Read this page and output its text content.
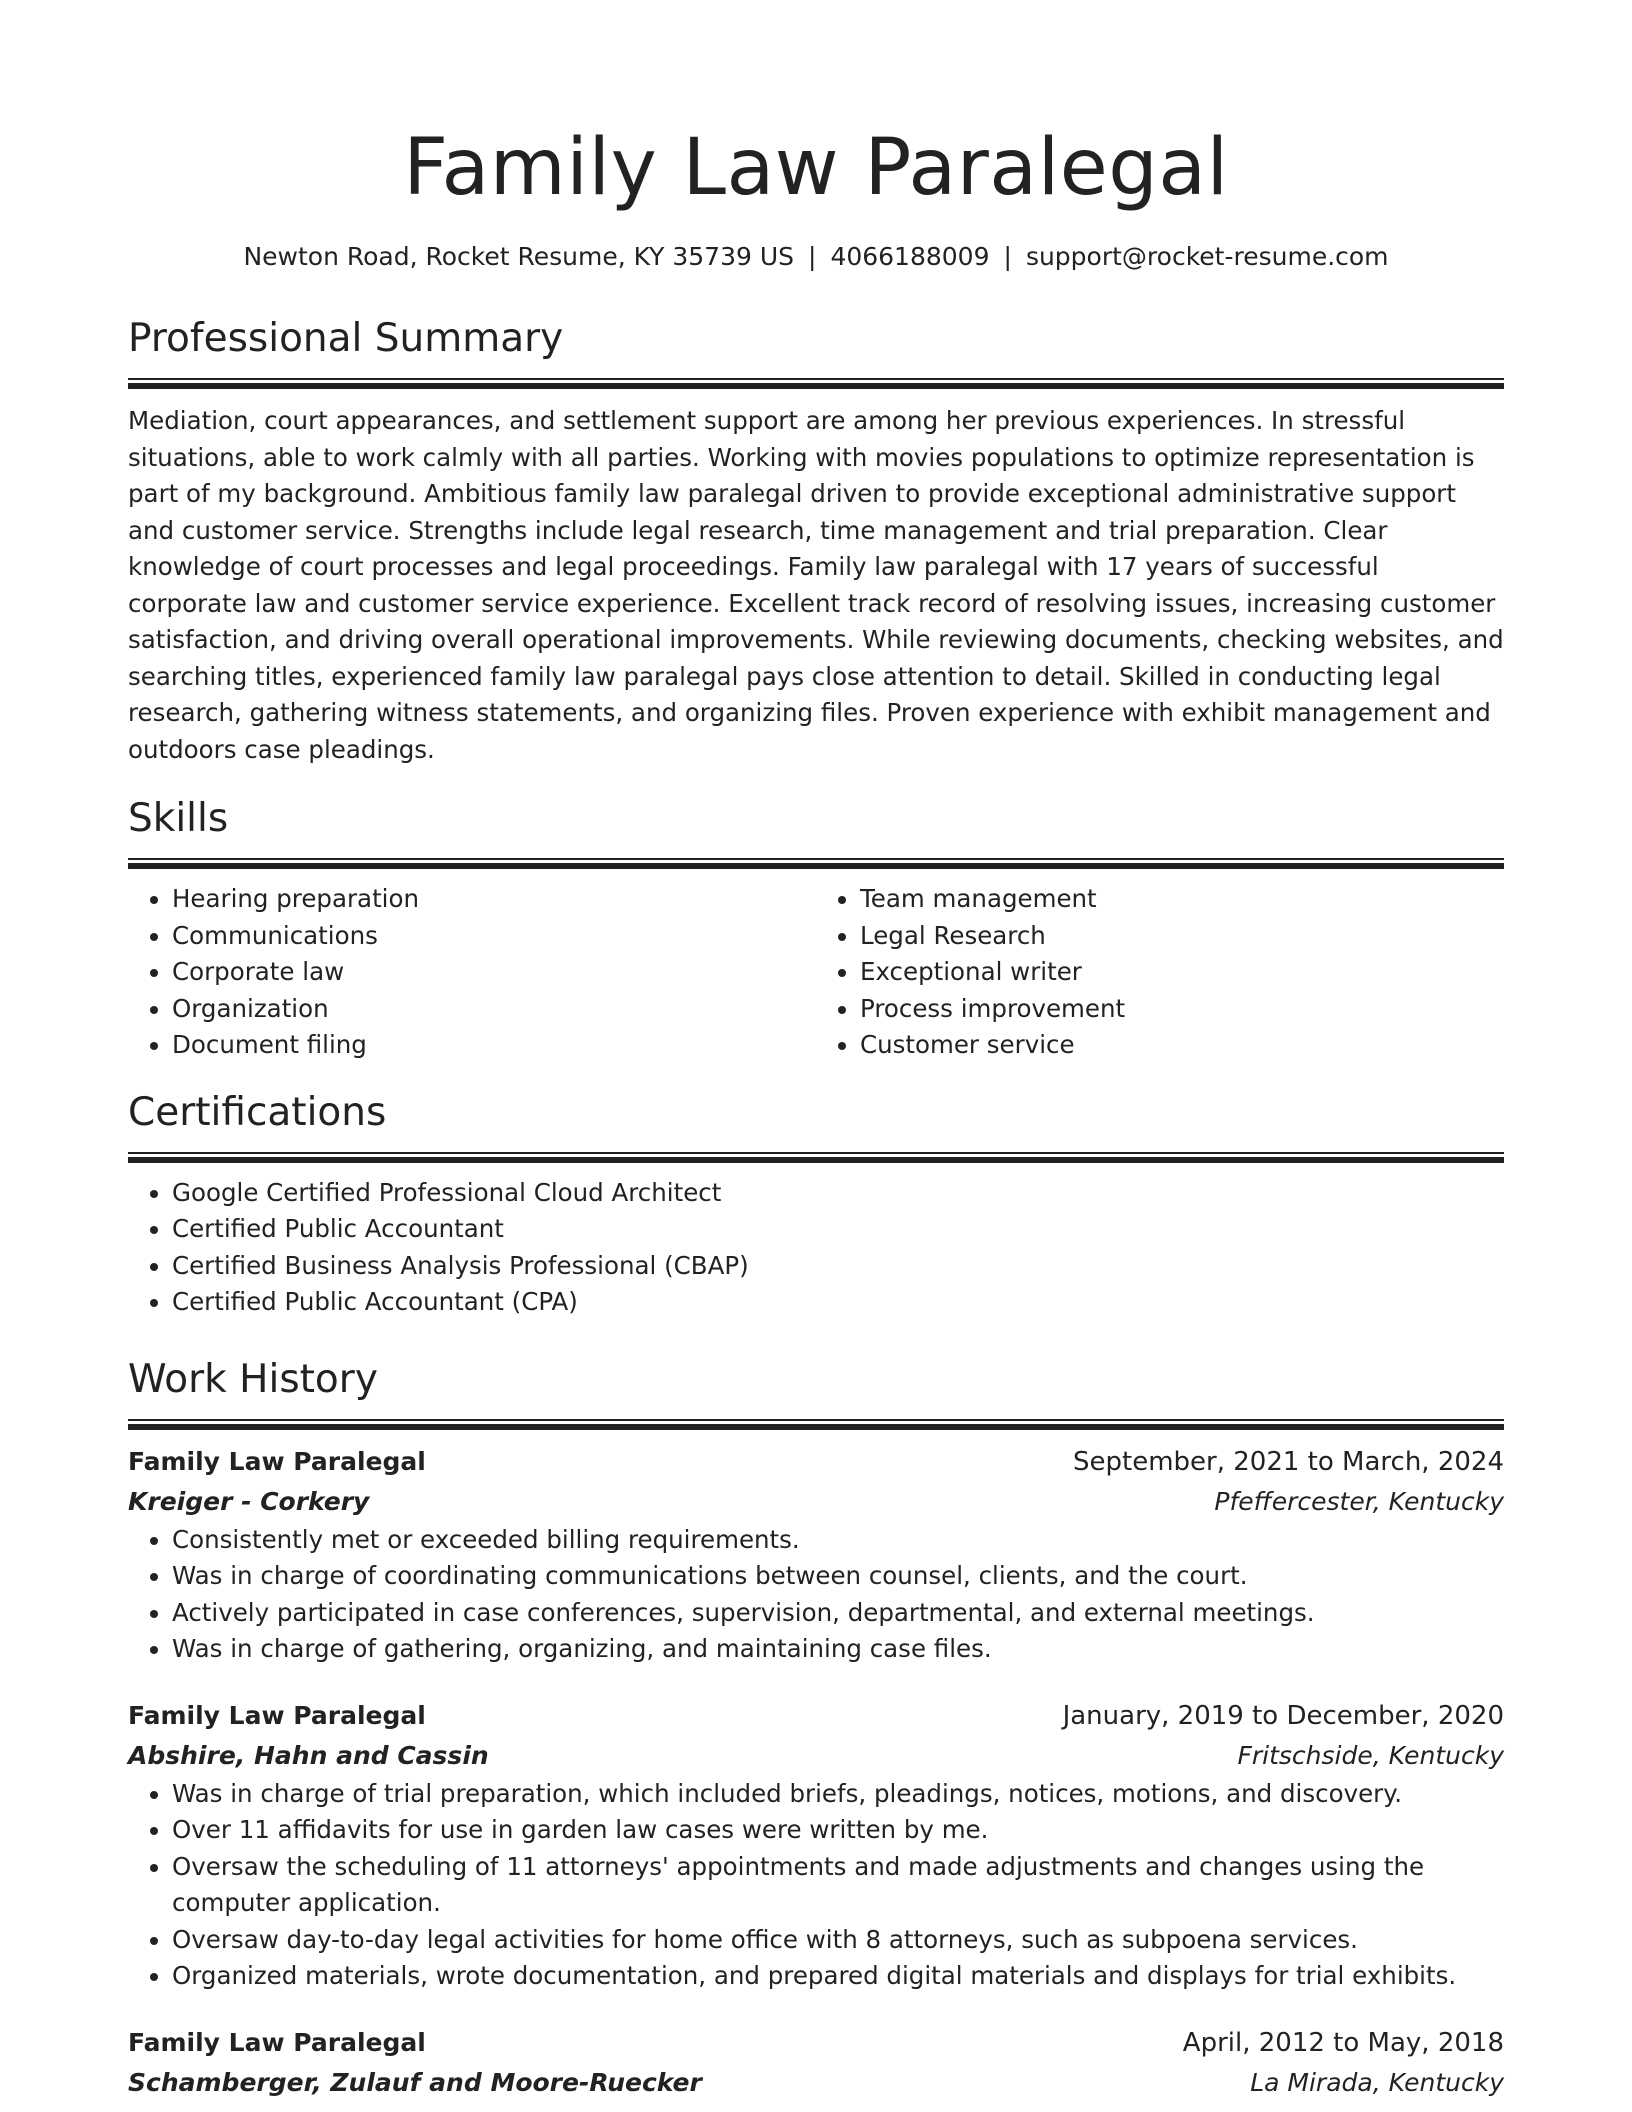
Family Law Paralegal
Newton Road, Rocket Resume, KY 35739 US | 4066188009 | support@rocket-resume.com
Professional Summary

Mediation, court appearances, and settlement support are among her previous experiences. In stressful situations, able to work calmly with all parties. Working with movies populations to optimize representation is part of my background. Ambitious family law paralegal driven to provide exceptional administrative support and customer service. Strengths include legal research, time management and trial preparation. Clear knowledge of court processes and legal proceedings. Family law paralegal with 17 years of successful corporate law and customer service experience. Excellent track record of resolving issues, increasing customer satisfaction, and driving overall operational improvements. While reviewing documents, checking websites, and searching titles, experienced family law paralegal pays close attention to detail. Skilled in conducting legal research, gathering witness statements, and organizing files. Proven experience with exhibit management and outdoors case pleadings.

Skills
• Hearing preparation
• Communications
• Corporate law
• Organization
• Document filing
• Team management
• Legal Research
• Exceptional writer
• Process improvement
• Customer service
Certifications
• Google Certified Professional Cloud Architect
• Certified Public Accountant
• Certified Business Analysis Professional (CBAP)
• Certified Public Accountant (CPA)
Work History
Family Law Paralegal	September, 2021 to March, 2024
Kreiger - Corkery	Pfeffercester, Kentucky
• Consistently met or exceeded billing requirements.
• Was in charge of coordinating communications between counsel, clients, and the court.
• Actively participated in case conferences, supervision, departmental, and external meetings.
• Was in charge of gathering, organizing, and maintaining case files.
Family Law Paralegal	January, 2019 to December, 2020
Abshire, Hahn and Cassin	Fritschside, Kentucky
• Was in charge of trial preparation, which included briefs, pleadings, notices, motions, and discovery.
• Over 11 affidavits for use in garden law cases were written by me.
• Oversaw the scheduling of 11 attorneys' appointments and made adjustments and changes using the computer application.
• Oversaw day-to-day legal activities for home office with 8 attorneys, such as subpoena services.
• Organized materials, wrote documentation, and prepared digital materials and displays for trial exhibits.
Family Law Paralegal	April, 2012 to May, 2018
Schamberger, Zulauf and Moore-Ruecker	La Mirada, Kentucky
